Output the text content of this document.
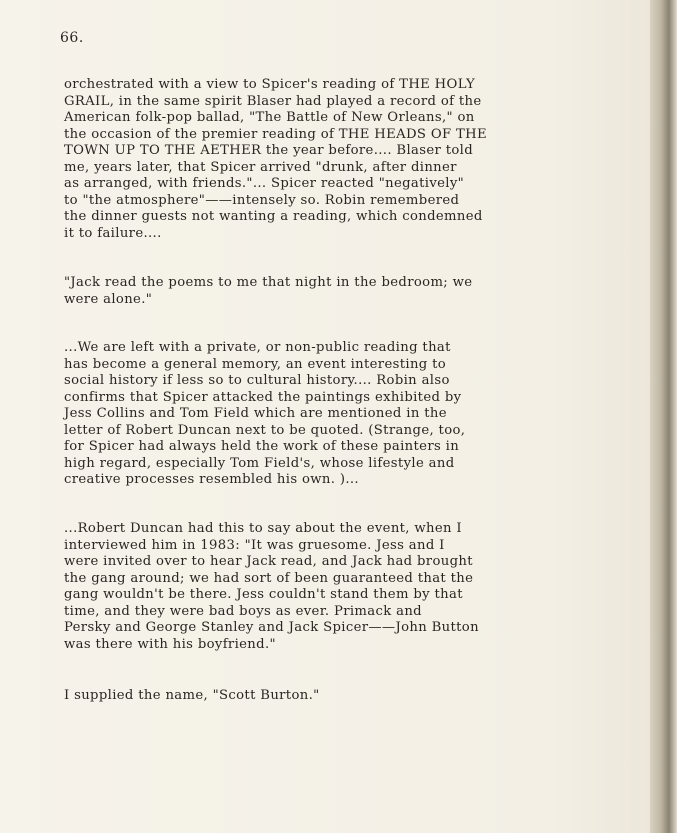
66.

orchestrated with a view to Spicer's reading of THE HOLY
GRAIL, in the same spirit Blaser had played a record of the
American folk-pop ballad, "The Battle of New Orleans," on
the occasion of the premier reading of THE HEADS OF THE
TOWN UP TO THE AETHER the year before.... Blaser told
me, years later, that Spicer arrived "drunk, after dinner
as arranged, with friends."... Spicer reacted "negatively"
to "the atmosphere"——intensely so. Robin remembered
the dinner guests not wanting a reading, which condemned
it to failure....

"Jack read the poems to me that night in the bedroom; we
were alone."

...We are left with a private, or non-public reading that
has become a general memory, an event interesting to
social history if less so to cultural history.... Robin also
confirms that Spicer attacked the paintings exhibited by
Jess Collins and Tom Field which are mentioned in the
letter of Robert Duncan next to be quoted. (Strange, too,
for Spicer had always held the work of these painters in
high regard, especially Tom Field's, whose lifestyle and
creative processes resembled his own. )...

...Robert Duncan had this to say about the event, when I
interviewed him in 1983: "It was gruesome. Jess and I
were invited over to hear Jack read, and Jack had brought
the gang around; we had sort of been guaranteed that the
gang wouldn't be there. Jess couldn't stand them by that
time, and they were bad boys as ever. Primack and
Persky and George Stanley and Jack Spicer——John Button
was there with his boyfriend."

I supplied the name, "Scott Burton."
